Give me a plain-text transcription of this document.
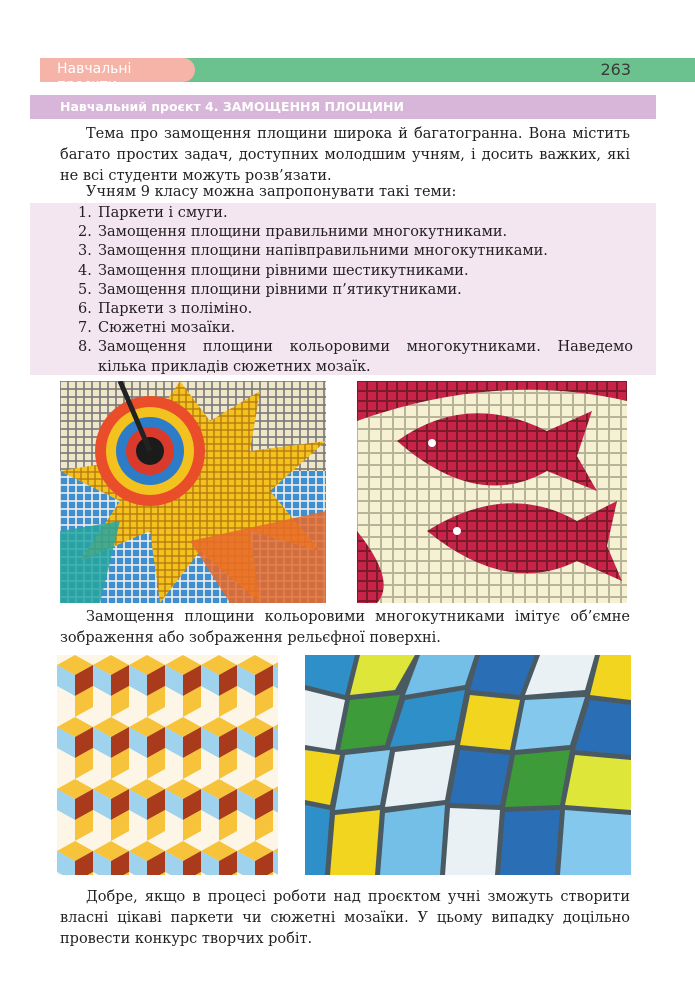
Навчальні проєкти
263
Навчальний проєкт 4. ЗАМОЩЕННЯ ПЛОЩИНИ
Тема про замощення площини широка й багатогранна. Вона містить багато простих задач, доступних молодшим учням, і досить важких, які не всі студенти можуть розв’язати.
Учням 9 класу можна запропонувати такі теми:
1. Паркети і смуги.
2. Замощення площини правильними многокутниками.
3. Замощення площини напівправильними многокутниками.
4. Замощення площини рівними шестикутниками.
5. Замощення площини рівними п’ятикутниками.
6. Паркети з поліміно.
7. Сюжетні мозаїки.
8. Замощення площини кольоровими многокутниками. Наведемо кілька прикладів сюжетних мозаїк.
Замощення площини кольоровими многокутниками імітує об’ємне зображення або зображення рельєфної поверхні.
Добре, якщо в процесі роботи над проєктом учні зможуть створити власні цікаві паркети чи сюжетні мозаїки. У цьому випадку доцільно провести конкурс творчих робіт.
